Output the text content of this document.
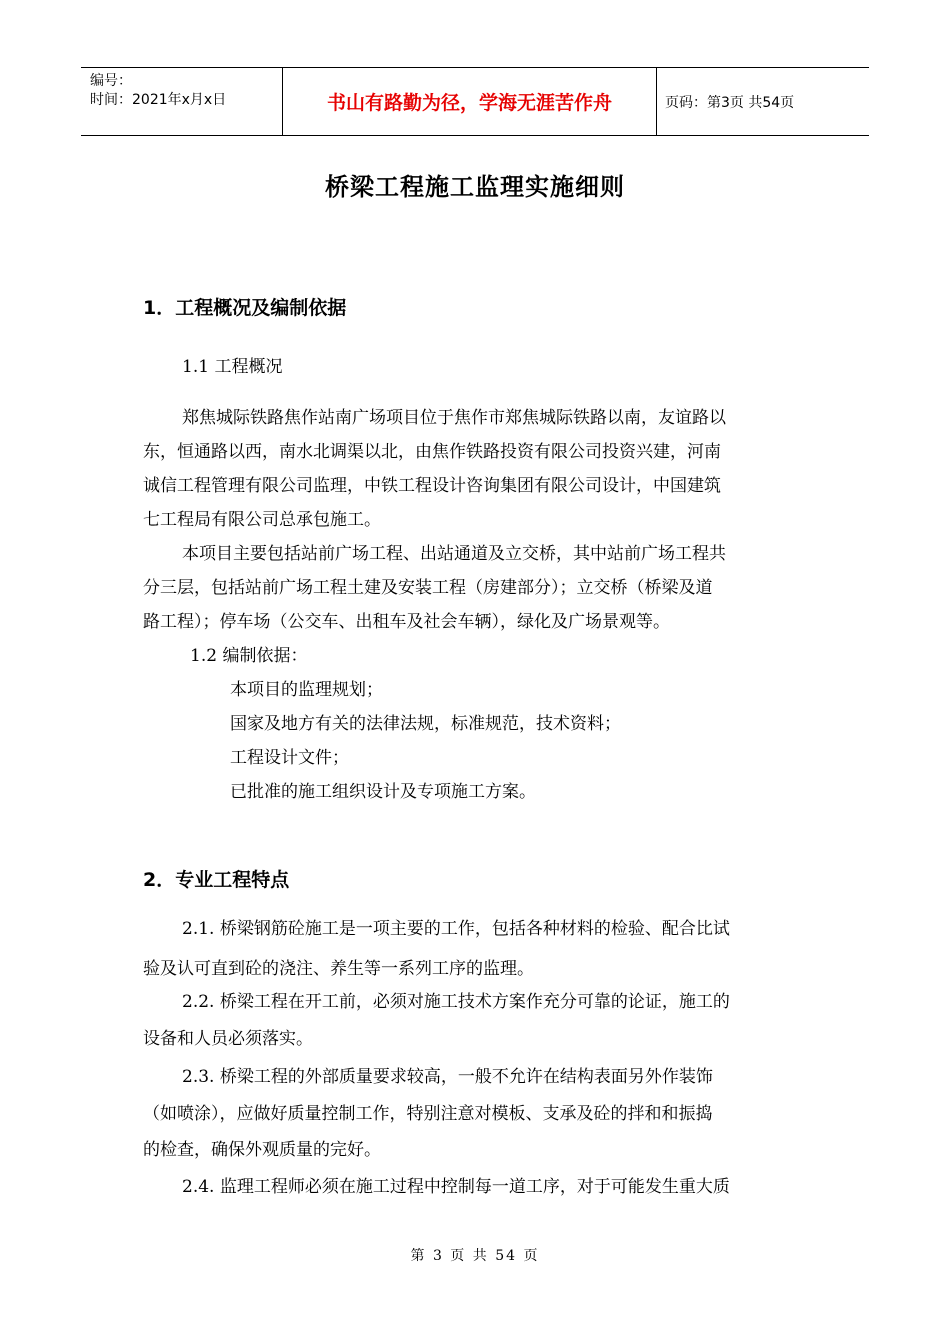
编号：
时间：2021年x月x日	书山有路勤为径，学海无涯苦作舟	页码：第3页 共54页
桥梁工程施工监理实施细则
1．工程概况及编制依据
1.1 工程概况
郑焦城际铁路焦作站南广场项目位于焦作市郑焦城际铁路以南，友谊路以
东，恒通路以西，南水北调渠以北，由焦作铁路投资有限公司投资兴建，河南
诚信工程管理有限公司监理，中铁工程设计咨询集团有限公司设计，中国建筑
七工程局有限公司总承包施工。
本项目主要包括站前广场工程、出站通道及立交桥，其中站前广场工程共
分三层，包括站前广场工程土建及安装工程（房建部分）；立交桥（桥梁及道
路工程）；停车场（公交车、出租车及社会车辆），绿化及广场景观等。
1.2 编制依据：
本项目的监理规划；
国家及地方有关的法律法规，标准规范，技术资料；
工程设计文件；
已批准的施工组织设计及专项施工方案。
2．专业工程特点
2.1. 桥梁钢筋砼施工是一项主要的工作，包括各种材料的检验、配合比试
验及认可直到砼的浇注、养生等一系列工序的监理。
2.2. 桥梁工程在开工前，必须对施工技术方案作充分可靠的论证，施工的
设备和人员必须落实。
2.3. 桥梁工程的外部质量要求较高，一般不允许在结构表面另外作装饰
（如喷涂），应做好质量控制工作，特别注意对模板、支承及砼的拌和和振捣
的检查，确保外观质量的完好。
2.4. 监理工程师必须在施工过程中控制每一道工序，对于可能发生重大质
第 3 页 共 54 页
